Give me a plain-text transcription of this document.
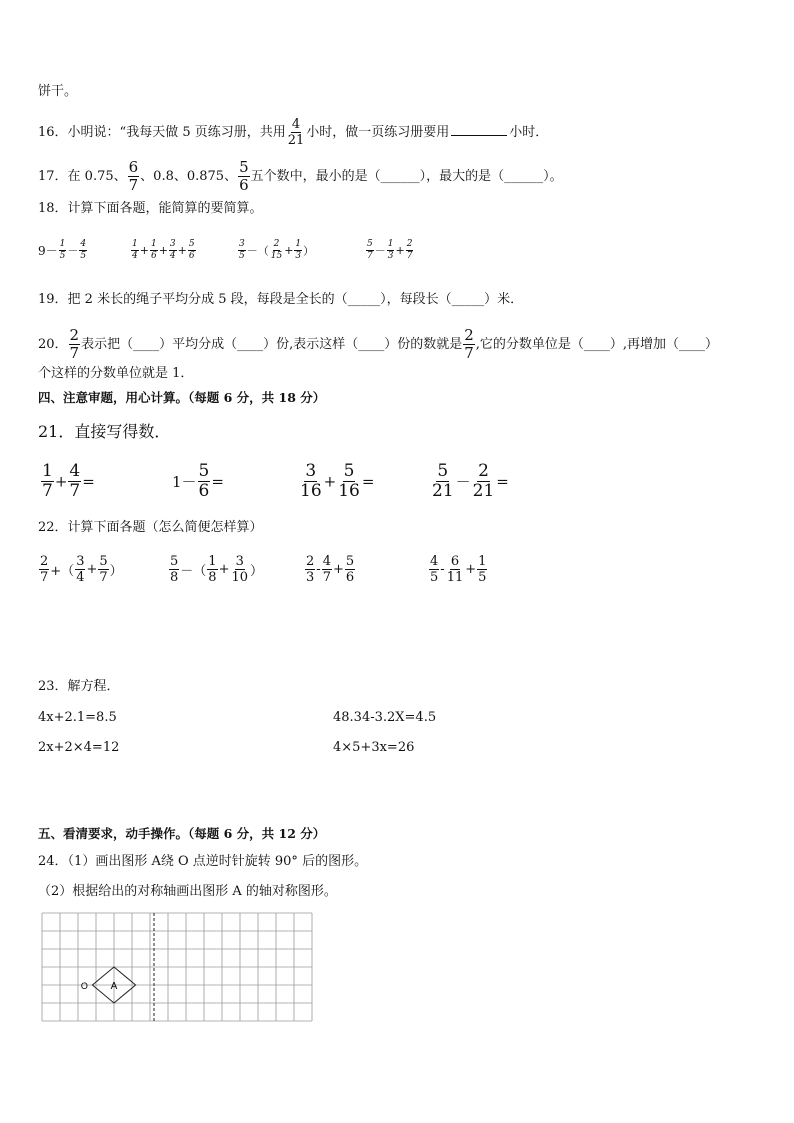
饼干。
16．小明说：“我每天做 5 页练习册，共用 $\frac{4}{21}$ 小时，做一页练习册要用	小时．
17．在 0.75、 $\frac{6}{7}$ 、0.8、0.875、 $\frac{5}{6}$ 五个数中，最小的是（______），最大的是（______）。
18．计算下面各题，能简算的要简算。
$9- \frac{1}{5} - \frac{4}{5}$	$\frac{1}{4} + \frac{1}{6} + \frac{3}{4} + \frac{5}{6}$	$\frac{3}{5}$ －（ $\frac{2}{15} + \frac{1}{3}$ ）	$\frac{5}{7} - \frac{1}{3} + \frac{2}{7}$
19．把 2 米长的绳子平均分成 5 段，每段是全长的（_____），每段长（_____）米．
20． $\frac{2}{7}$ 表示把（____）平均分成（____）份,表示这样（____）份的数就是 $\frac{2}{7}$ ,它的分数单位是（____）,再增加（____）
个这样的分数单位就是 1．
四、注意审题，用心计算。（每题 6 分，共 18 分）
21．直接写得数．
$\frac{1}{7} + \frac{4}{7}$ =	$1- \frac{5}{6}$ =	$\frac{3}{16} + \frac{5}{16}$ =	$\frac{5}{21} - \frac{2}{21}$ =
22．计算下面各题（怎么简便怎样算）
$\frac{2}{7}$ +（ $\frac{3}{4} + \frac{5}{7}$ ）	$\frac{5}{8}$ －（ $\frac{1}{8} + \frac{3}{10}$ ）	$\frac{2}{3} - \frac{4}{7} + \frac{5}{6}$	$\frac{4}{5} - \frac{6}{11} + \frac{1}{5}$
23．解方程．
4x+2.1=8.5	48.34-3.2X=4.5
2x+2×4=12	4×5+3x=26
五、看清要求，动手操作。（每题 6 分，共 12 分）
24．（1）画出图形 A绕 O 点逆时针旋转 90° 后的图形。
（2）根据给出的对称轴画出图形 A 的轴对称图形。
A
O
